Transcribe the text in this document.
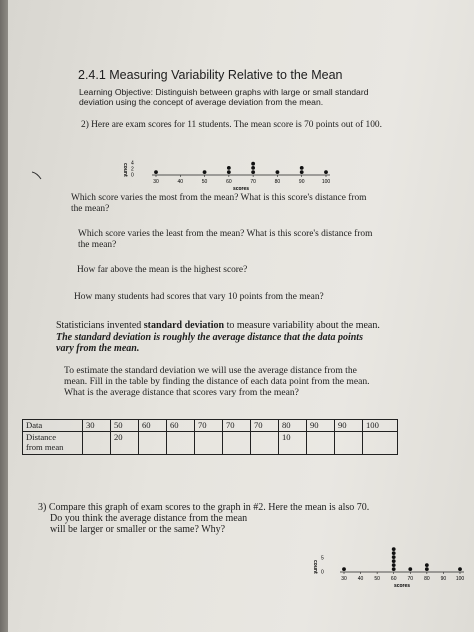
2.4.1 Measuring Variability Relative to the Mean
Learning Objective: Distinguish between graphs with large or small standard
deviation using the concept of average deviation from the mean.
2) Here are exam scores for 11 students. The mean score is 70 points out of 100.
count 4
2
0
30	40	50	60	70	80	90	100
scores
Which score varies the most from the mean? What is this score's distance from
the mean?
Which score varies the least from the mean? What is this score's distance from
the mean?
How far above the mean is the highest score?
How many students had scores that vary 10 points from the mean?
Statisticians invented standard deviation to measure variability about the mean.
The standard deviation is roughly the average distance that the data points
vary from the mean.
To estimate the standard deviation we will use the average distance from the
mean. Fill in the table by finding the distance of each data point from the mean.
What is the average distance that scores vary from the mean?
Data	30	50	60	60	70	70	70	80	90	90	100

Distance
from mean		20						10			
3) Compare this graph of exam scores to the graph in #2. Here the mean is also 70.
Do you think the average distance from the mean
will be larger or smaller or the same? Why?
count
5
0
30 40 50 60 70 80 90 100
scores
